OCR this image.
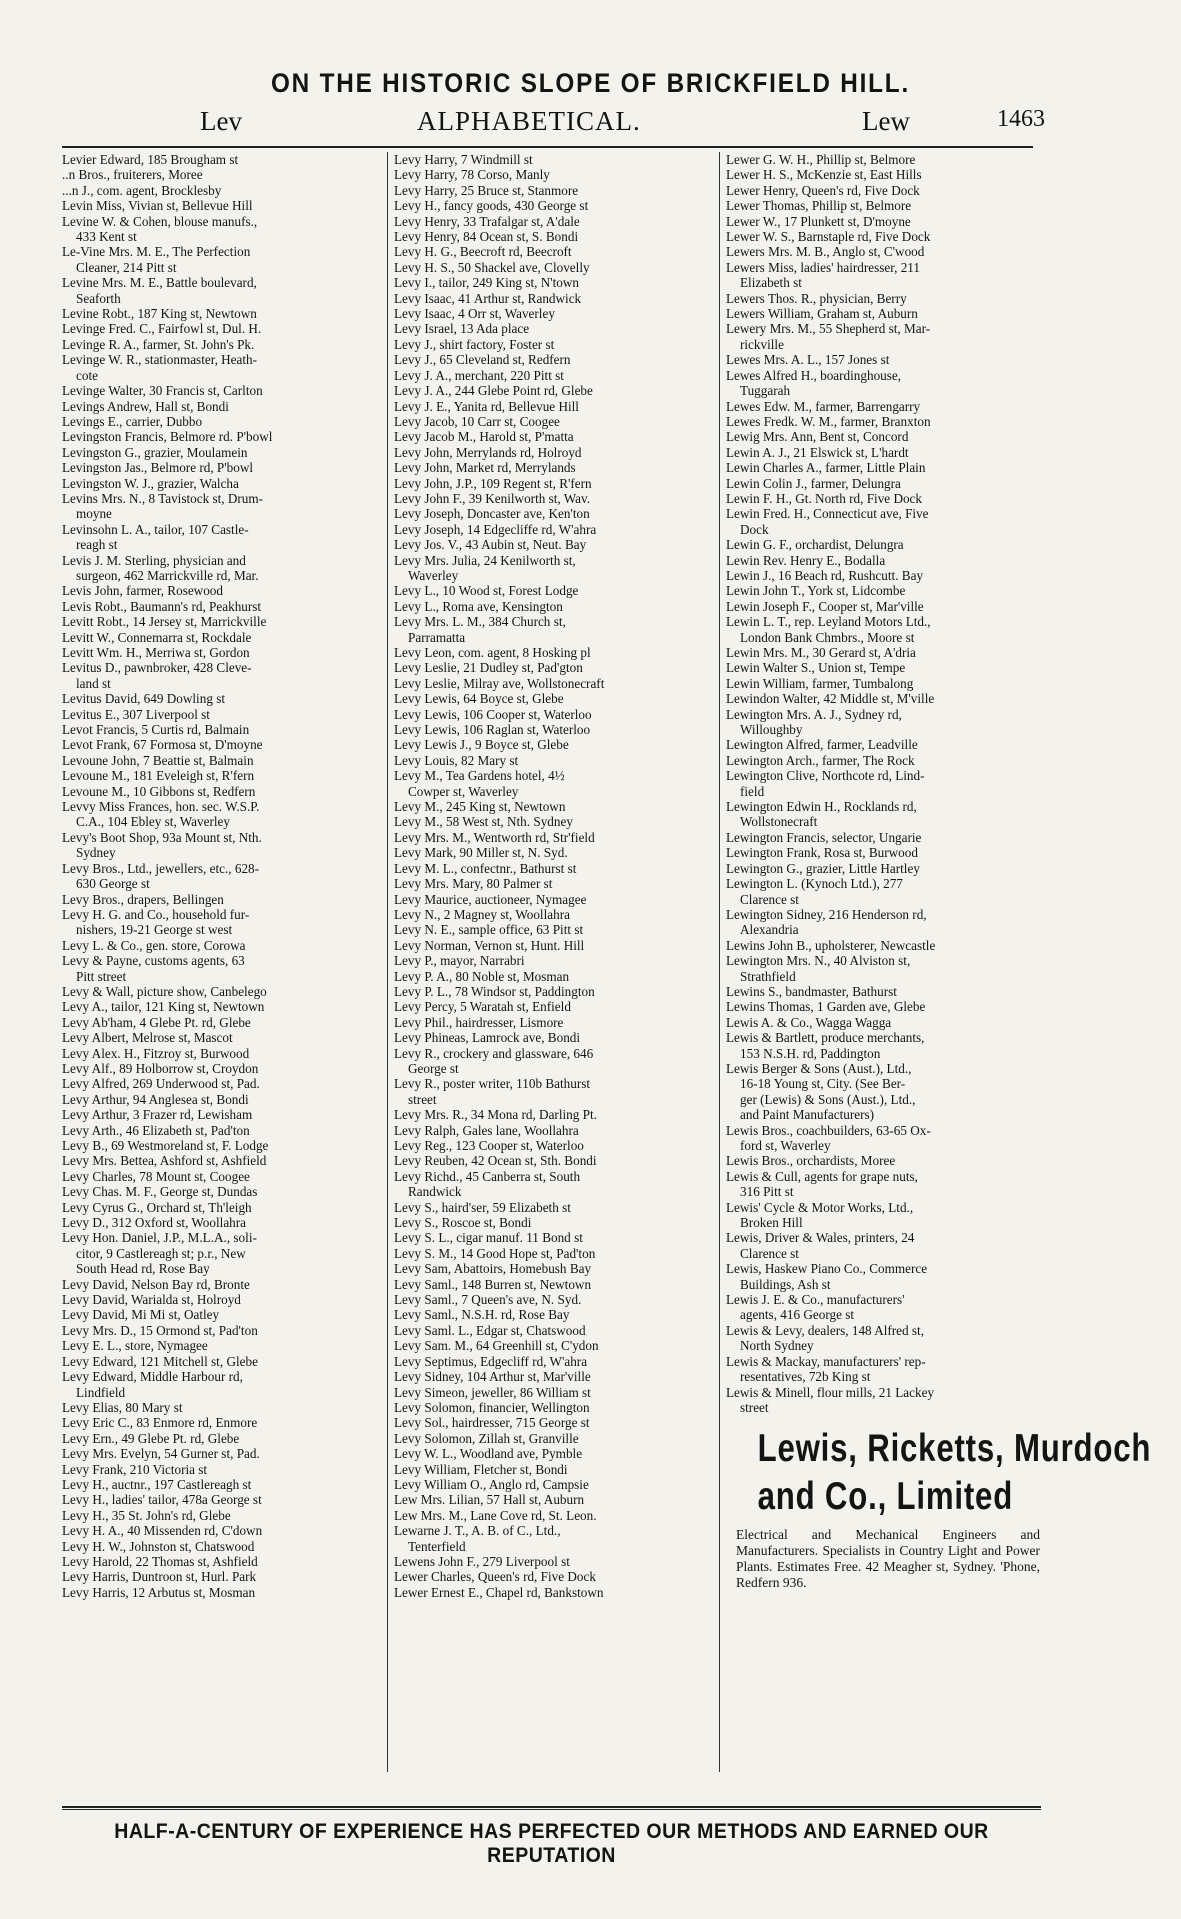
ON THE HISTORIC SLOPE OF BRICKFIELD HILL.
Lev	ALPHABETICAL.	Lew	1463
Levier Edward, 185 Brougham st
..n Bros., fruiterers, Moree
...n J., com. agent, Brocklesby
Levin Miss, Vivian st, Bellevue Hill
Levine W. & Cohen, blouse manufs.,
433 Kent st
Le-Vine Mrs. M. E., The Perfection
Cleaner, 214 Pitt st
Levine Mrs. M. E., Battle boulevard,
Seaforth
Levine Robt., 187 King st, Newtown
Levinge Fred. C., Fairfowl st, Dul. H.
Levinge R. A., farmer, St. John's Pk.
Levinge W. R., stationmaster, Heath-
cote
Levinge Walter, 30 Francis st, Carlton
Levings Andrew, Hall st, Bondi
Levings E., carrier, Dubbo
Levingston Francis, Belmore rd. P'bowl
Levingston G., grazier, Moulamein
Levingston Jas., Belmore rd, P'bowl
Levingston W. J., grazier, Walcha
Levins Mrs. N., 8 Tavistock st, Drum-
moyne
Levinsohn L. A., tailor, 107 Castle-
reagh st
Levis J. M. Sterling, physician and
surgeon, 462 Marrickville rd, Mar.
Levis John, farmer, Rosewood
Levis Robt., Baumann's rd, Peakhurst
Levitt Robt., 14 Jersey st, Marrickville
Levitt W., Connemarra st, Rockdale
Levitt Wm. H., Merriwa st, Gordon
Levitus D., pawnbroker, 428 Cleve-
land st
Levitus David, 649 Dowling st
Levitus E., 307 Liverpool st
Levot Francis, 5 Curtis rd, Balmain
Levot Frank, 67 Formosa st, D'moyne
Levoune John, 7 Beattie st, Balmain
Levoune M., 181 Eveleigh st, R'fern
Levoune M., 10 Gibbons st, Redfern
Levvy Miss Frances, hon. sec. W.S.P.
C.A., 104 Ebley st, Waverley
Levy's Boot Shop, 93a Mount st, Nth.
Sydney
Levy Bros., Ltd., jewellers, etc., 628-
630 George st
Levy Bros., drapers, Bellingen
Levy H. G. and Co., household fur-
nishers, 19-21 George st west
Levy L. & Co., gen. store, Corowa
Levy & Payne, customs agents, 63
Pitt street
Levy & Wall, picture show, Canbelego
Levy A., tailor, 121 King st, Newtown
Levy Ab'ham, 4 Glebe Pt. rd, Glebe
Levy Albert, Melrose st, Mascot
Levy Alex. H., Fitzroy st, Burwood
Levy Alf., 89 Holborrow st, Croydon
Levy Alfred, 269 Underwood st, Pad.
Levy Arthur, 94 Anglesea st, Bondi
Levy Arthur, 3 Frazer rd, Lewisham
Levy Arth., 46 Elizabeth st, Pad'ton
Levy B., 69 Westmoreland st, F. Lodge
Levy Mrs. Bettea, Ashford st, Ashfield
Levy Charles, 78 Mount st, Coogee
Levy Chas. M. F., George st, Dundas
Levy Cyrus G., Orchard st, Th'leigh
Levy D., 312 Oxford st, Woollahra
Levy Hon. Daniel, J.P., M.L.A., soli-
citor, 9 Castlereagh st; p.r., New
South Head rd, Rose Bay
Levy David, Nelson Bay rd, Bronte
Levy David, Warialda st, Holroyd
Levy David, Mi Mi st, Oatley
Levy Mrs. D., 15 Ormond st, Pad'ton
Levy E. L., store, Nymagee
Levy Edward, 121 Mitchell st, Glebe
Levy Edward, Middle Harbour rd,
Lindfield
Levy Elias, 80 Mary st
Levy Eric C., 83 Enmore rd, Enmore
Levy Ern., 49 Glebe Pt. rd, Glebe
Levy Mrs. Evelyn, 54 Gurner st, Pad.
Levy Frank, 210 Victoria st
Levy H., auctnr., 197 Castlereagh st
Levy H., ladies' tailor, 478a George st
Levy H., 35 St. John's rd, Glebe
Levy H. A., 40 Missenden rd, C'down
Levy H. W., Johnston st, Chatswood
Levy Harold, 22 Thomas st, Ashfield
Levy Harris, Duntroon st, Hurl. Park
Levy Harris, 12 Arbutus st, Mosman
Levy Harry, 7 Windmill st
Levy Harry, 78 Corso, Manly
Levy Harry, 25 Bruce st, Stanmore
Levy H., fancy goods, 430 George st
Levy Henry, 33 Trafalgar st, A'dale
Levy Henry, 84 Ocean st, S. Bondi
Levy H. G., Beecroft rd, Beecroft
Levy H. S., 50 Shackel ave, Clovelly
Levy I., tailor, 249 King st, N'town
Levy Isaac, 41 Arthur st, Randwick
Levy Isaac, 4 Orr st, Waverley
Levy Israel, 13 Ada place
Levy J., shirt factory, Foster st
Levy J., 65 Cleveland st, Redfern
Levy J. A., merchant, 220 Pitt st
Levy J. A., 244 Glebe Point rd, Glebe
Levy J. E., Yanita rd, Bellevue Hill
Levy Jacob, 10 Carr st, Coogee
Levy Jacob M., Harold st, P'matta
Levy John, Merrylands rd, Holroyd
Levy John, Market rd, Merrylands
Levy John, J.P., 109 Regent st, R'fern
Levy John F., 39 Kenilworth st, Wav.
Levy Joseph, Doncaster ave, Ken'ton
Levy Joseph, 14 Edgecliffe rd, W'ahra
Levy Jos. V., 43 Aubin st, Neut. Bay
Levy Mrs. Julia, 24 Kenilworth st,
Waverley
Levy L., 10 Wood st, Forest Lodge
Levy L., Roma ave, Kensington
Levy Mrs. L. M., 384 Church st,
Parramatta
Levy Leon, com. agent, 8 Hosking pl
Levy Leslie, 21 Dudley st, Pad'gton
Levy Leslie, Milray ave, Wollstonecraft
Levy Lewis, 64 Boyce st, Glebe
Levy Lewis, 106 Cooper st, Waterloo
Levy Lewis, 106 Raglan st, Waterloo
Levy Lewis J., 9 Boyce st, Glebe
Levy Louis, 82 Mary st
Levy M., Tea Gardens hotel, 4½
Cowper st, Waverley
Levy M., 245 King st, Newtown
Levy M., 58 West st, Nth. Sydney
Levy Mrs. M., Wentworth rd, Str'field
Levy Mark, 90 Miller st, N. Syd.
Levy M. L., confectnr., Bathurst st
Levy Mrs. Mary, 80 Palmer st
Levy Maurice, auctioneer, Nymagee
Levy N., 2 Magney st, Woollahra
Levy N. E., sample office, 63 Pitt st
Levy Norman, Vernon st, Hunt. Hill
Levy P., mayor, Narrabri
Levy P. A., 80 Noble st, Mosman
Levy P. L., 78 Windsor st, Paddington
Levy Percy, 5 Waratah st, Enfield
Levy Phil., hairdresser, Lismore
Levy Phineas, Lamrock ave, Bondi
Levy R., crockery and glassware, 646
George st
Levy R., poster writer, 110b Bathurst
street
Levy Mrs. R., 34 Mona rd, Darling Pt.
Levy Ralph, Gales lane, Woollahra
Levy Reg., 123 Cooper st, Waterloo
Levy Reuben, 42 Ocean st, Sth. Bondi
Levy Richd., 45 Canberra st, South
Randwick
Levy S., haird'ser, 59 Elizabeth st
Levy S., Roscoe st, Bondi
Levy S. L., cigar manuf. 11 Bond st
Levy S. M., 14 Good Hope st, Pad'ton
Levy Sam, Abattoirs, Homebush Bay
Levy Saml., 148 Burren st, Newtown
Levy Saml., 7 Queen's ave, N. Syd.
Levy Saml., N.S.H. rd, Rose Bay
Levy Saml. L., Edgar st, Chatswood
Levy Sam. M., 64 Greenhill st, C'ydon
Levy Septimus, Edgecliff rd, W'ahra
Levy Sidney, 104 Arthur st, Mar'ville
Levy Simeon, jeweller, 86 William st
Levy Solomon, financier, Wellington
Levy Sol., hairdresser, 715 George st
Levy Solomon, Zillah st, Granville
Levy W. L., Woodland ave, Pymble
Levy William, Fletcher st, Bondi
Levy William O., Anglo rd, Campsie
Lew Mrs. Lilian, 57 Hall st, Auburn
Lew Mrs. M., Lane Cove rd, St. Leon.
Lewarne J. T., A. B. of C., Ltd.,
Tenterfield
Lewens John F., 279 Liverpool st
Lewer Charles, Queen's rd, Five Dock
Lewer Ernest E., Chapel rd, Bankstown
Lewer G. W. H., Phillip st, Belmore
Lewer H. S., McKenzie st, East Hills
Lewer Henry, Queen's rd, Five Dock
Lewer Thomas, Phillip st, Belmore
Lewer W., 17 Plunkett st, D'moyne
Lewer W. S., Barnstaple rd, Five Dock
Lewers Mrs. M. B., Anglo st, C'wood
Lewers Miss, ladies' hairdresser, 211
Elizabeth st
Lewers Thos. R., physician, Berry
Lewers William, Graham st, Auburn
Lewery Mrs. M., 55 Shepherd st, Mar-
rickville
Lewes Mrs. A. L., 157 Jones st
Lewes Alfred H., boardinghouse,
Tuggarah
Lewes Edw. M., farmer, Barrengarry
Lewes Fredk. W. M., farmer, Branxton
Lewig Mrs. Ann, Bent st, Concord
Lewin A. J., 21 Elswick st, L'hardt
Lewin Charles A., farmer, Little Plain
Lewin Colin J., farmer, Delungra
Lewin F. H., Gt. North rd, Five Dock
Lewin Fred. H., Connecticut ave, Five
Dock
Lewin G. F., orchardist, Delungra
Lewin Rev. Henry E., Bodalla
Lewin J., 16 Beach rd, Rushcutt. Bay
Lewin John T., York st, Lidcombe
Lewin Joseph F., Cooper st, Mar'ville
Lewin L. T., rep. Leyland Motors Ltd.,
London Bank Chmbrs., Moore st
Lewin Mrs. M., 30 Gerard st, A'dria
Lewin Walter S., Union st, Tempe
Lewin William, farmer, Tumbalong
Lewindon Walter, 42 Middle st, M'ville
Lewington Mrs. A. J., Sydney rd,
Willoughby
Lewington Alfred, farmer, Leadville
Lewington Arch., farmer, The Rock
Lewington Clive, Northcote rd, Lind-
field
Lewington Edwin H., Rocklands rd,
Wollstonecraft
Lewington Francis, selector, Ungarie
Lewington Frank, Rosa st, Burwood
Lewington G., grazier, Little Hartley
Lewington L. (Kynoch Ltd.), 277
Clarence st
Lewington Sidney, 216 Henderson rd,
Alexandria
Lewins John B., upholsterer, Newcastle
Lewington Mrs. N., 40 Alviston st,
Strathfield
Lewins S., bandmaster, Bathurst
Lewins Thomas, 1 Garden ave, Glebe
Lewis A. & Co., Wagga Wagga
Lewis & Bartlett, produce merchants,
153 N.S.H. rd, Paddington
Lewis Berger & Sons (Aust.), Ltd.,
16-18 Young st, City. (See Ber-
ger (Lewis) & Sons (Aust.), Ltd.,
and Paint Manufacturers)
Lewis Bros., coachbuilders, 63-65 Ox-
ford st, Waverley
Lewis Bros., orchardists, Moree
Lewis & Cull, agents for grape nuts,
316 Pitt st
Lewis' Cycle & Motor Works, Ltd.,
Broken Hill
Lewis, Driver & Wales, printers, 24
Clarence st
Lewis, Haskew Piano Co., Commerce
Buildings, Ash st
Lewis J. E. & Co., manufacturers'
agents, 416 George st
Lewis & Levy, dealers, 148 Alfred st,
North Sydney
Lewis & Mackay, manufacturers' rep-
resentatives, 72b King st
Lewis & Minell, flour mills, 21 Lackey
street
Lewis, Ricketts, Murdoch
and Co., Limited
Electrical and Mechanical Engineers and Manufacturers. Specialists in Country Light and Power Plants. Estimates Free. 42 Meagher st, Sydney. 'Phone, Redfern 936.
HALF-A-CENTURY OF EXPERIENCE HAS PERFECTED OUR METHODS AND EARNED OUR REPUTATION
